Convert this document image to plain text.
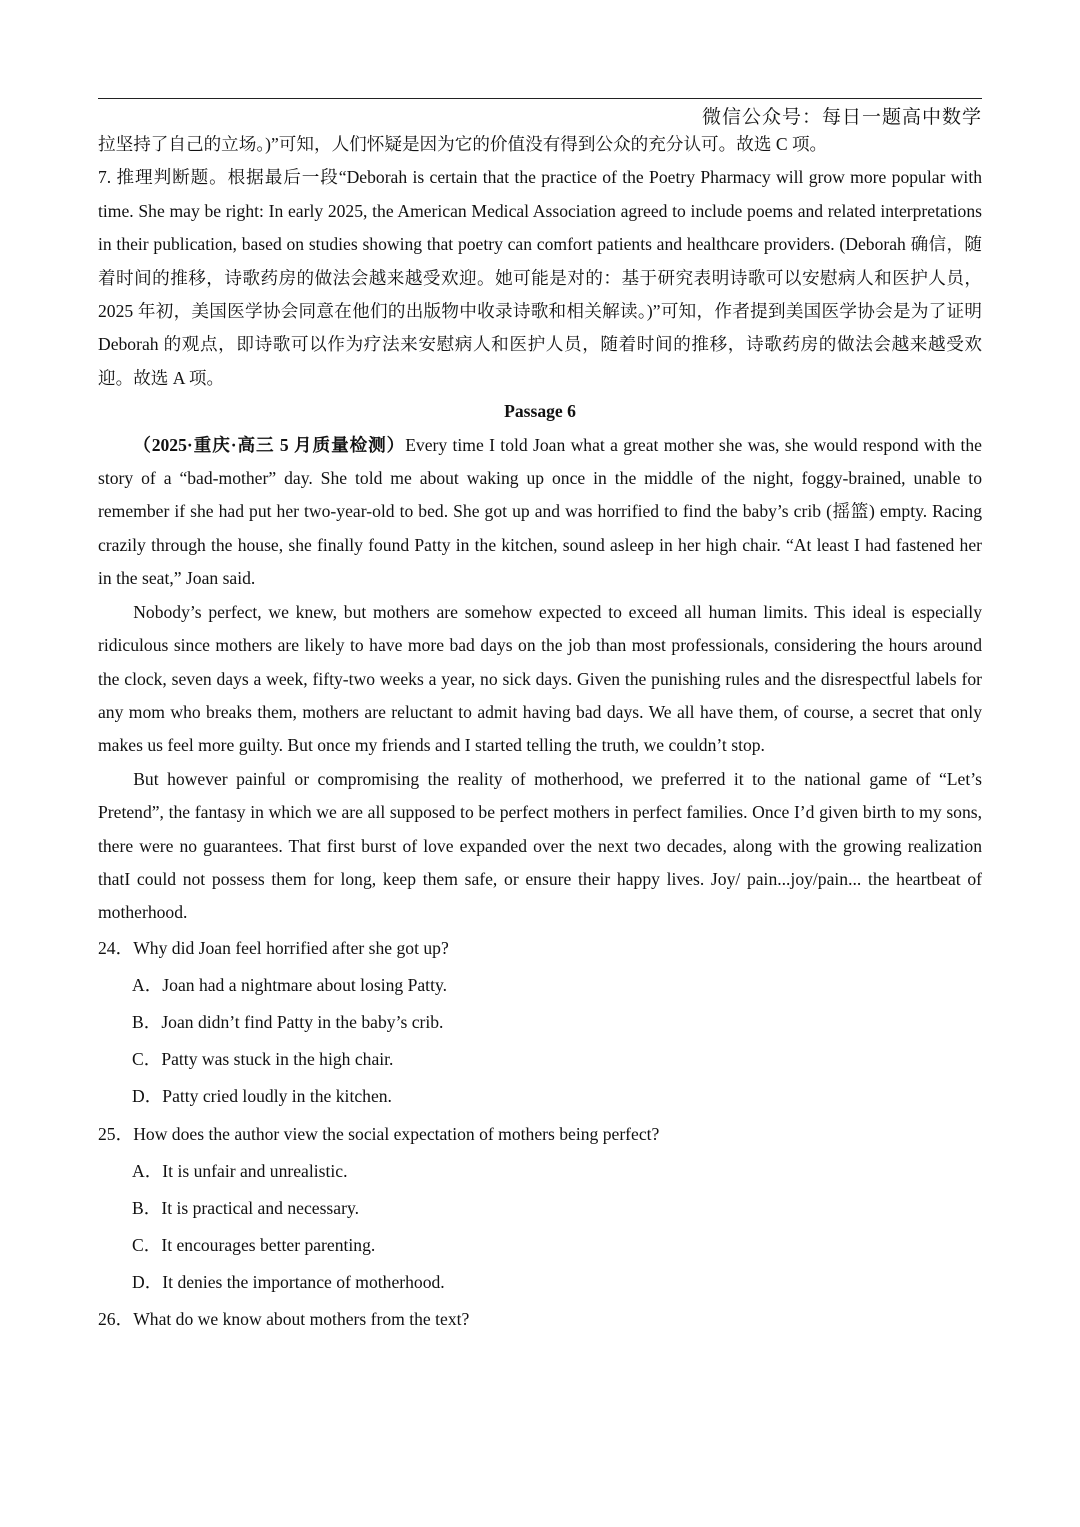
微信公众号：每日一题高中数学

拉坚持了自己的立场。)”可知，人们怀疑是因为它的价值没有得到公众的充分认可。故选 C 项。

7. 推理判断题。根据最后一段“Deborah is certain that the practice of the Poetry Pharmacy will grow more popular with time. She may be right: In early 2025, the American Medical Association agreed to include poems and related interpretations in their publication, based on studies showing that poetry can comfort patients and healthcare providers. (Deborah 确信，随着时间的推移，诗歌药房的做法会越来越受欢迎。她可能是对的：基于研究表明诗歌可以安慰病人和医护人员，2025 年初，美国医学协会同意在他们的出版物中收录诗歌和相关解读。)”可知，作者提到美国医学协会是为了证明 Deborah 的观点，即诗歌可以作为疗法来安慰病人和医护人员，随着时间的推移，诗歌药房的做法会越来越受欢迎。故选 A 项。

Passage 6

（2025·重庆·高三 5 月质量检测）Every time I told Joan what a great mother she was, she would respond with the story of a “bad-mother” day. She told me about waking up once in the middle of the night, foggy-brained, unable to remember if she had put her two-year-old to bed. She got up and was horrified to find the baby’s crib (摇篮) empty. Racing crazily through the house, she finally found Patty in the kitchen, sound asleep in her high chair. “At least I had fastened her in the seat,” Joan said.

Nobody’s perfect, we knew, but mothers are somehow expected to exceed all human limits. This ideal is especially ridiculous since mothers are likely to have more bad days on the job than most professionals, considering the hours around the clock, seven days a week, fifty-two weeks a year, no sick days. Given the punishing rules and the disrespectful labels for any mom who breaks them, mothers are reluctant to admit having bad days. We all have them, of course, a secret that only makes us feel more guilty. But once my friends and I started telling the truth, we couldn’t stop.

But however painful or compromising the reality of motherhood, we preferred it to the national game of “Let’s Pretend”, the fantasy in which we are all supposed to be perfect mothers in perfect families. Once I’d given birth to my sons, there were no guarantees. That first burst of love expanded over the next two decades, along with the growing realization thatI could not possess them for long, keep them safe, or ensure their happy lives. Joy/ pain...joy/pain... the heartbeat of motherhood.

24．Why did Joan feel horrified after she got up?

A．Joan had a nightmare about losing Patty.

B．Joan didn’t find Patty in the baby’s crib.

C．Patty was stuck in the high chair.

D．Patty cried loudly in the kitchen.

25．How does the author view the social expectation of mothers being perfect?

A．It is unfair and unrealistic.

B．It is practical and necessary.

C．It encourages better parenting.

D．It denies the importance of motherhood.

26．What do we know about mothers from the text?
